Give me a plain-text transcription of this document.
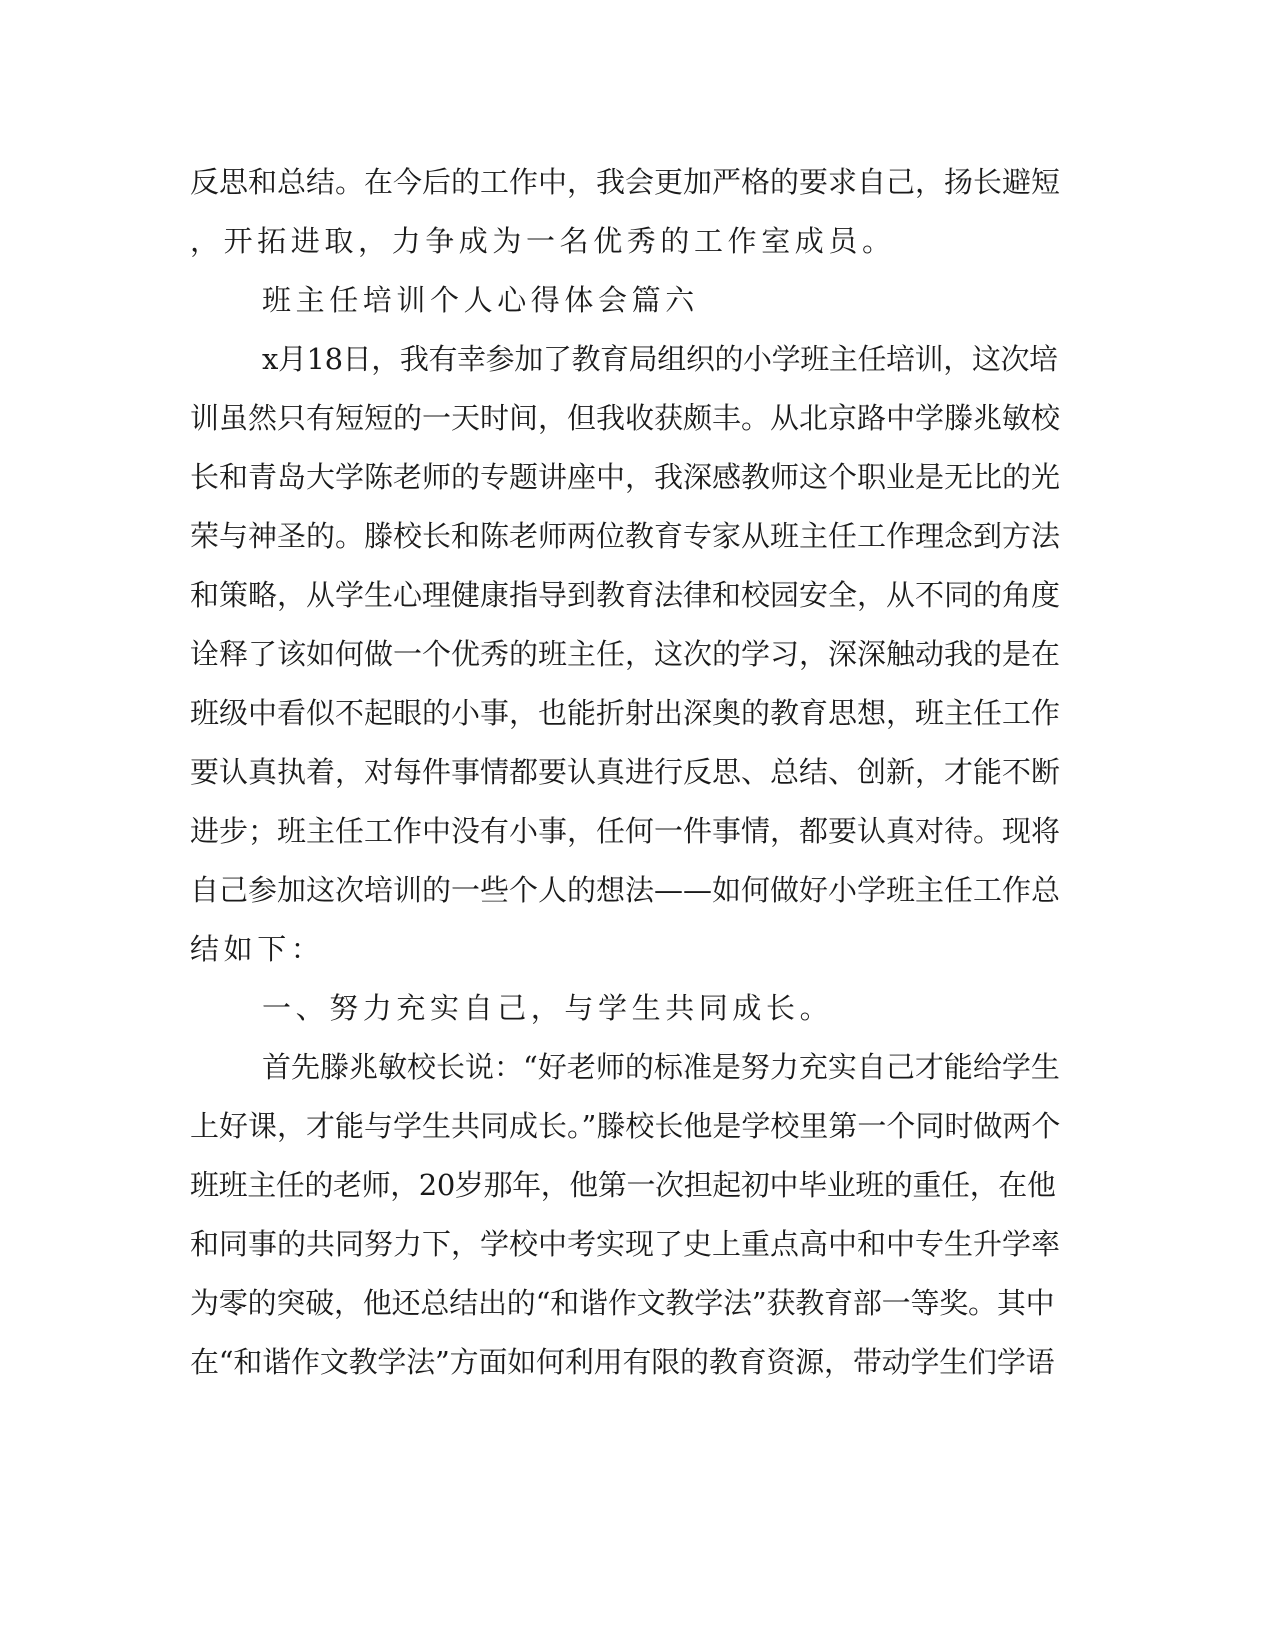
反思和总结。在今后的工作中，我会更加严格的要求自己，扬长避短
，开拓进取，力争成为一名优秀的工作室成员。
班主任培训个人心得体会篇六
x月18日，我有幸参加了教育局组织的小学班主任培训，这次培
训虽然只有短短的一天时间，但我收获颇丰。从北京路中学滕兆敏校
长和青岛大学陈老师的专题讲座中，我深感教师这个职业是无比的光
荣与神圣的。滕校长和陈老师两位教育专家从班主任工作理念到方法
和策略，从学生心理健康指导到教育法律和校园安全，从不同的角度
诠释了该如何做一个优秀的班主任，这次的学习，深深触动我的是在
班级中看似不起眼的小事，也能折射出深奥的教育思想，班主任工作
要认真执着，对每件事情都要认真进行反思、总结、创新，才能不断
进步；班主任工作中没有小事，任何一件事情，都要认真对待。现将
自己参加这次培训的一些个人的想法——如何做好小学班主任工作总
结如下：
一、努力充实自己，与学生共同成长。
首先滕兆敏校长说：“好老师的标准是努力充实自己才能给学生
上好课，才能与学生共同成长。”滕校长他是学校里第一个同时做两个
班班主任的老师，20岁那年，他第一次担起初中毕业班的重任，在他
和同事的共同努力下，学校中考实现了史上重点高中和中专生升学率
为零的突破，他还总结出的“和谐作文教学法”获教育部一等奖。其中
在“和谐作文教学法”方面如何利用有限的教育资源，带动学生们学语
